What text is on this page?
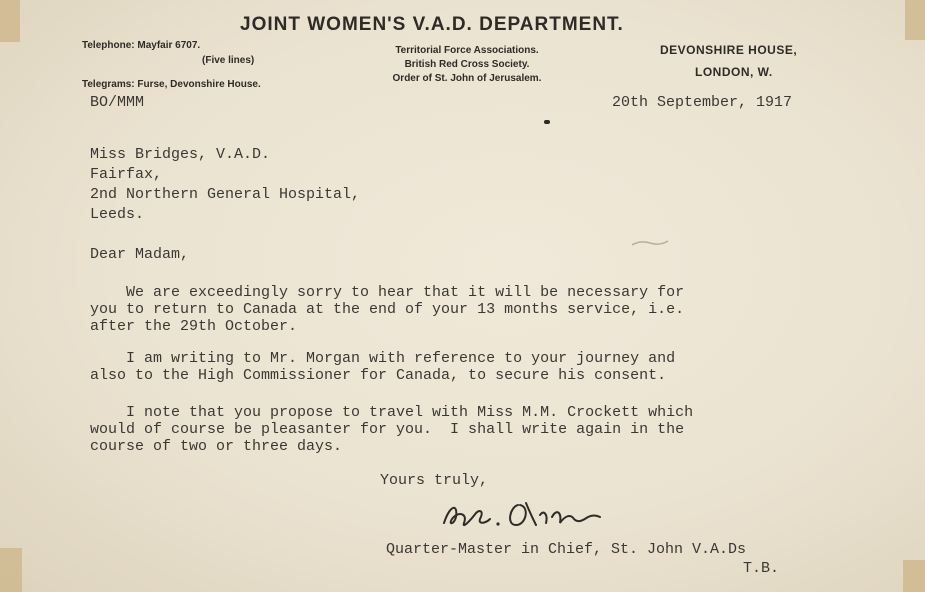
JOINT WOMEN'S V.A.D. DEPARTMENT.
Telephone: Mayfair 6707.
(Five lines)
Telegrams: Furse, Devonshire House.
Territorial Force Associations.
British Red Cross Society.
Order of St. John of Jerusalem.
DEVONSHIRE HOUSE,
LONDON, W.
BO/MMM	20th September, 1917
Miss Bridges, V.A.D.
Fairfax,
2nd Northern General Hospital,
Leeds.
Dear Madam,
We are exceedingly sorry to hear that it will be necessary for
you to return to Canada at the end of your 13 months service, i.e.
after the 29th October.
I am writing to Mr. Morgan with reference to your journey and
also to the High Commissioner for Canada, to secure his consent.
I note that you propose to travel with Miss M.M. Crockett which
would of course be pleasanter for you.  I shall write again in the
course of two or three days.
Yours truly,
Quarter-Master in Chief, St. John V.A.Ds
T.B.
